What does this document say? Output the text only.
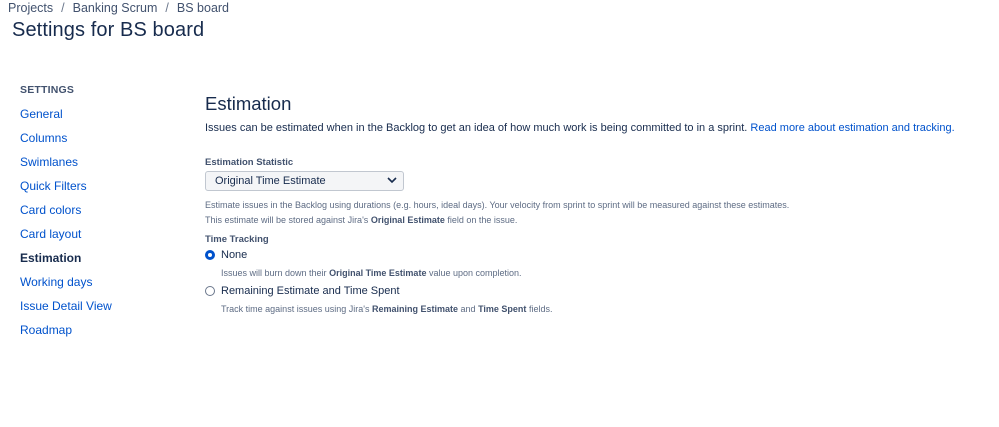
Projects / Banking Scrum / BS board
Settings for BS board
SETTINGS
General
Columns
Swimlanes
Quick Filters
Card colors
Card layout
Estimation
Working days
Issue Detail View
Roadmap
Estimation
Issues can be estimated when in the Backlog to get an idea of how much work is being committed to in a sprint. Read more about estimation and tracking.
Estimation Statistic
Original Time Estimate
Estimate issues in the Backlog using durations (e.g. hours, ideal days). Your velocity from sprint to sprint will be measured against these estimates. This estimate will be stored against Jira's Original Estimate field on the issue.
Time Tracking
None
Issues will burn down their Original Time Estimate value upon completion.
Remaining Estimate and Time Spent
Track time against issues using Jira's Remaining Estimate and Time Spent fields.
